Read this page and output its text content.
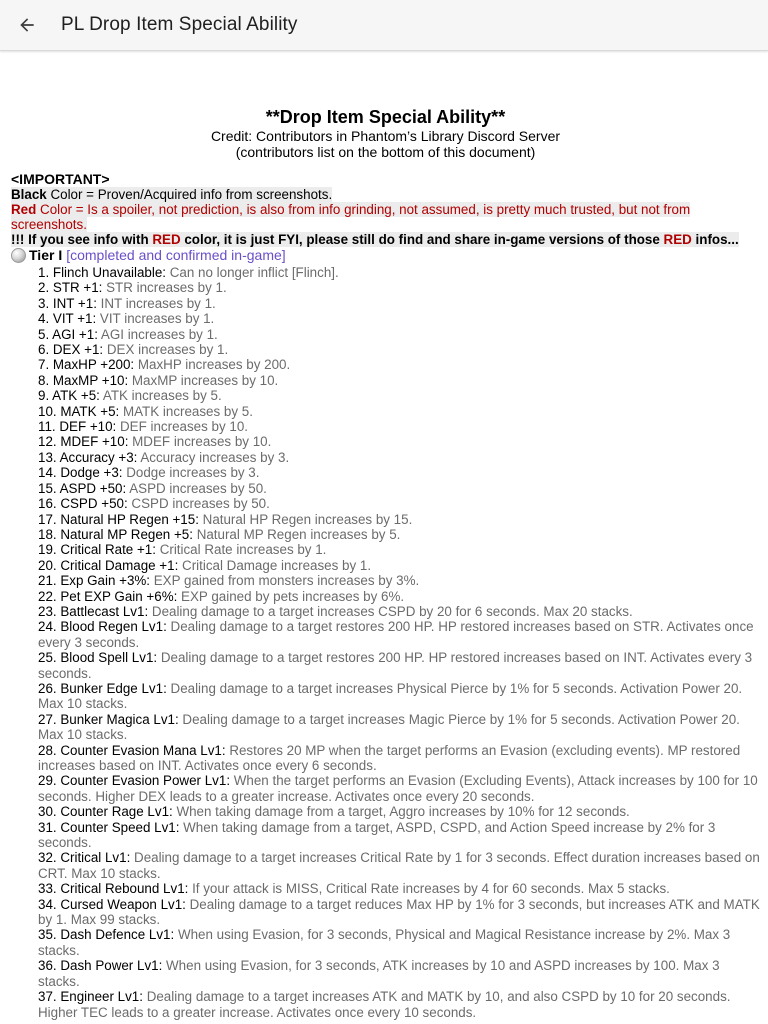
PL Drop Item Special Ability
**Drop Item Special Ability**
Credit: Contributors in Phantom’s Library Discord Server
(contributors list on the bottom of this document)
<IMPORTANT>
Black Color = Proven/Acquired info from screenshots.
Red Color = Is a spoiler, not prediction, is also from info grinding, not assumed, is pretty much trusted, but not from screenshots.
!!! If you see info with RED color, it is just FYI, please still do find and share in-game versions of those RED infos...
Tier I [completed and confirmed in-game]
1. Flinch Unavailable: Can no longer inflict [Flinch].
2. STR +1: STR increases by 1.
3. INT +1: INT increases by 1.
4. VIT +1: VIT increases by 1.
5. AGI +1: AGI increases by 1.
6. DEX +1: DEX increases by 1.
7. MaxHP +200: MaxHP increases by 200.
8. MaxMP +10: MaxMP increases by 10.
9. ATK +5: ATK increases by 5.
10. MATK +5: MATK increases by 5.
11. DEF +10: DEF increases by 10.
12. MDEF +10: MDEF increases by 10.
13. Accuracy +3: Accuracy increases by 3.
14. Dodge +3: Dodge increases by 3.
15. ASPD +50: ASPD increases by 50.
16. CSPD +50: CSPD increases by 50.
17. Natural HP Regen +15: Natural HP Regen increases by 15.
18. Natural MP Regen +5: Natural MP Regen increases by 5.
19. Critical Rate +1: Critical Rate increases by 1.
20. Critical Damage +1: Critical Damage increases by 1.
21. Exp Gain +3%: EXP gained from monsters increases by 3%.
22. Pet EXP Gain +6%: EXP gained by pets increases by 6%.
23. Battlecast Lv1: Dealing damage to a target increases CSPD by 20 for 6 seconds. Max 20 stacks.
24. Blood Regen Lv1: Dealing damage to a target restores 200 HP. HP restored increases based on STR. Activates once every 3 seconds.
25. Blood Spell Lv1: Dealing damage to a target restores 200 HP. HP restored increases based on INT. Activates every 3 seconds.
26. Bunker Edge Lv1: Dealing damage to a target increases Physical Pierce by 1% for 5 seconds. Activation Power 20. Max 10 stacks.
27. Bunker Magica Lv1: Dealing damage to a target increases Magic Pierce by 1% for 5 seconds. Activation Power 20. Max 10 stacks.
28. Counter Evasion Mana Lv1: Restores 20 MP when the target performs an Evasion (excluding events). MP restored increases based on INT. Activates once every 6 seconds.
29. Counter Evasion Power Lv1: When the target performs an Evasion (Excluding Events), Attack increases by 100 for 10 seconds. Higher DEX leads to a greater increase. Activates once every 20 seconds.
30. Counter Rage Lv1: When taking damage from a target, Aggro increases by 10% for 12 seconds.
31. Counter Speed Lv1: When taking damage from a target, ASPD, CSPD, and Action Speed increase by 2% for 3 seconds.
32. Critical Lv1: Dealing damage to a target increases Critical Rate by 1 for 3 seconds. Effect duration increases based on CRT. Max 10 stacks.
33. Critical Rebound Lv1: If your attack is MISS, Critical Rate increases by 4 for 60 seconds. Max 5 stacks.
34. Cursed Weapon Lv1: Dealing damage to a target reduces Max HP by 1% for 3 seconds, but increases ATK and MATK by 1. Max 99 stacks.
35. Dash Defence Lv1: When using Evasion, for 3 seconds, Physical and Magical Resistance increase by 2%. Max 3 stacks.
36. Dash Power Lv1: When using Evasion, for 3 seconds, ATK increases by 10 and ASPD increases by 100. Max 3 stacks.
37. Engineer Lv1: Dealing damage to a target increases ATK and MATK by 10, and also CSPD by 10 for 20 seconds. Higher TEC leads to a greater increase. Activates once every 10 seconds.
